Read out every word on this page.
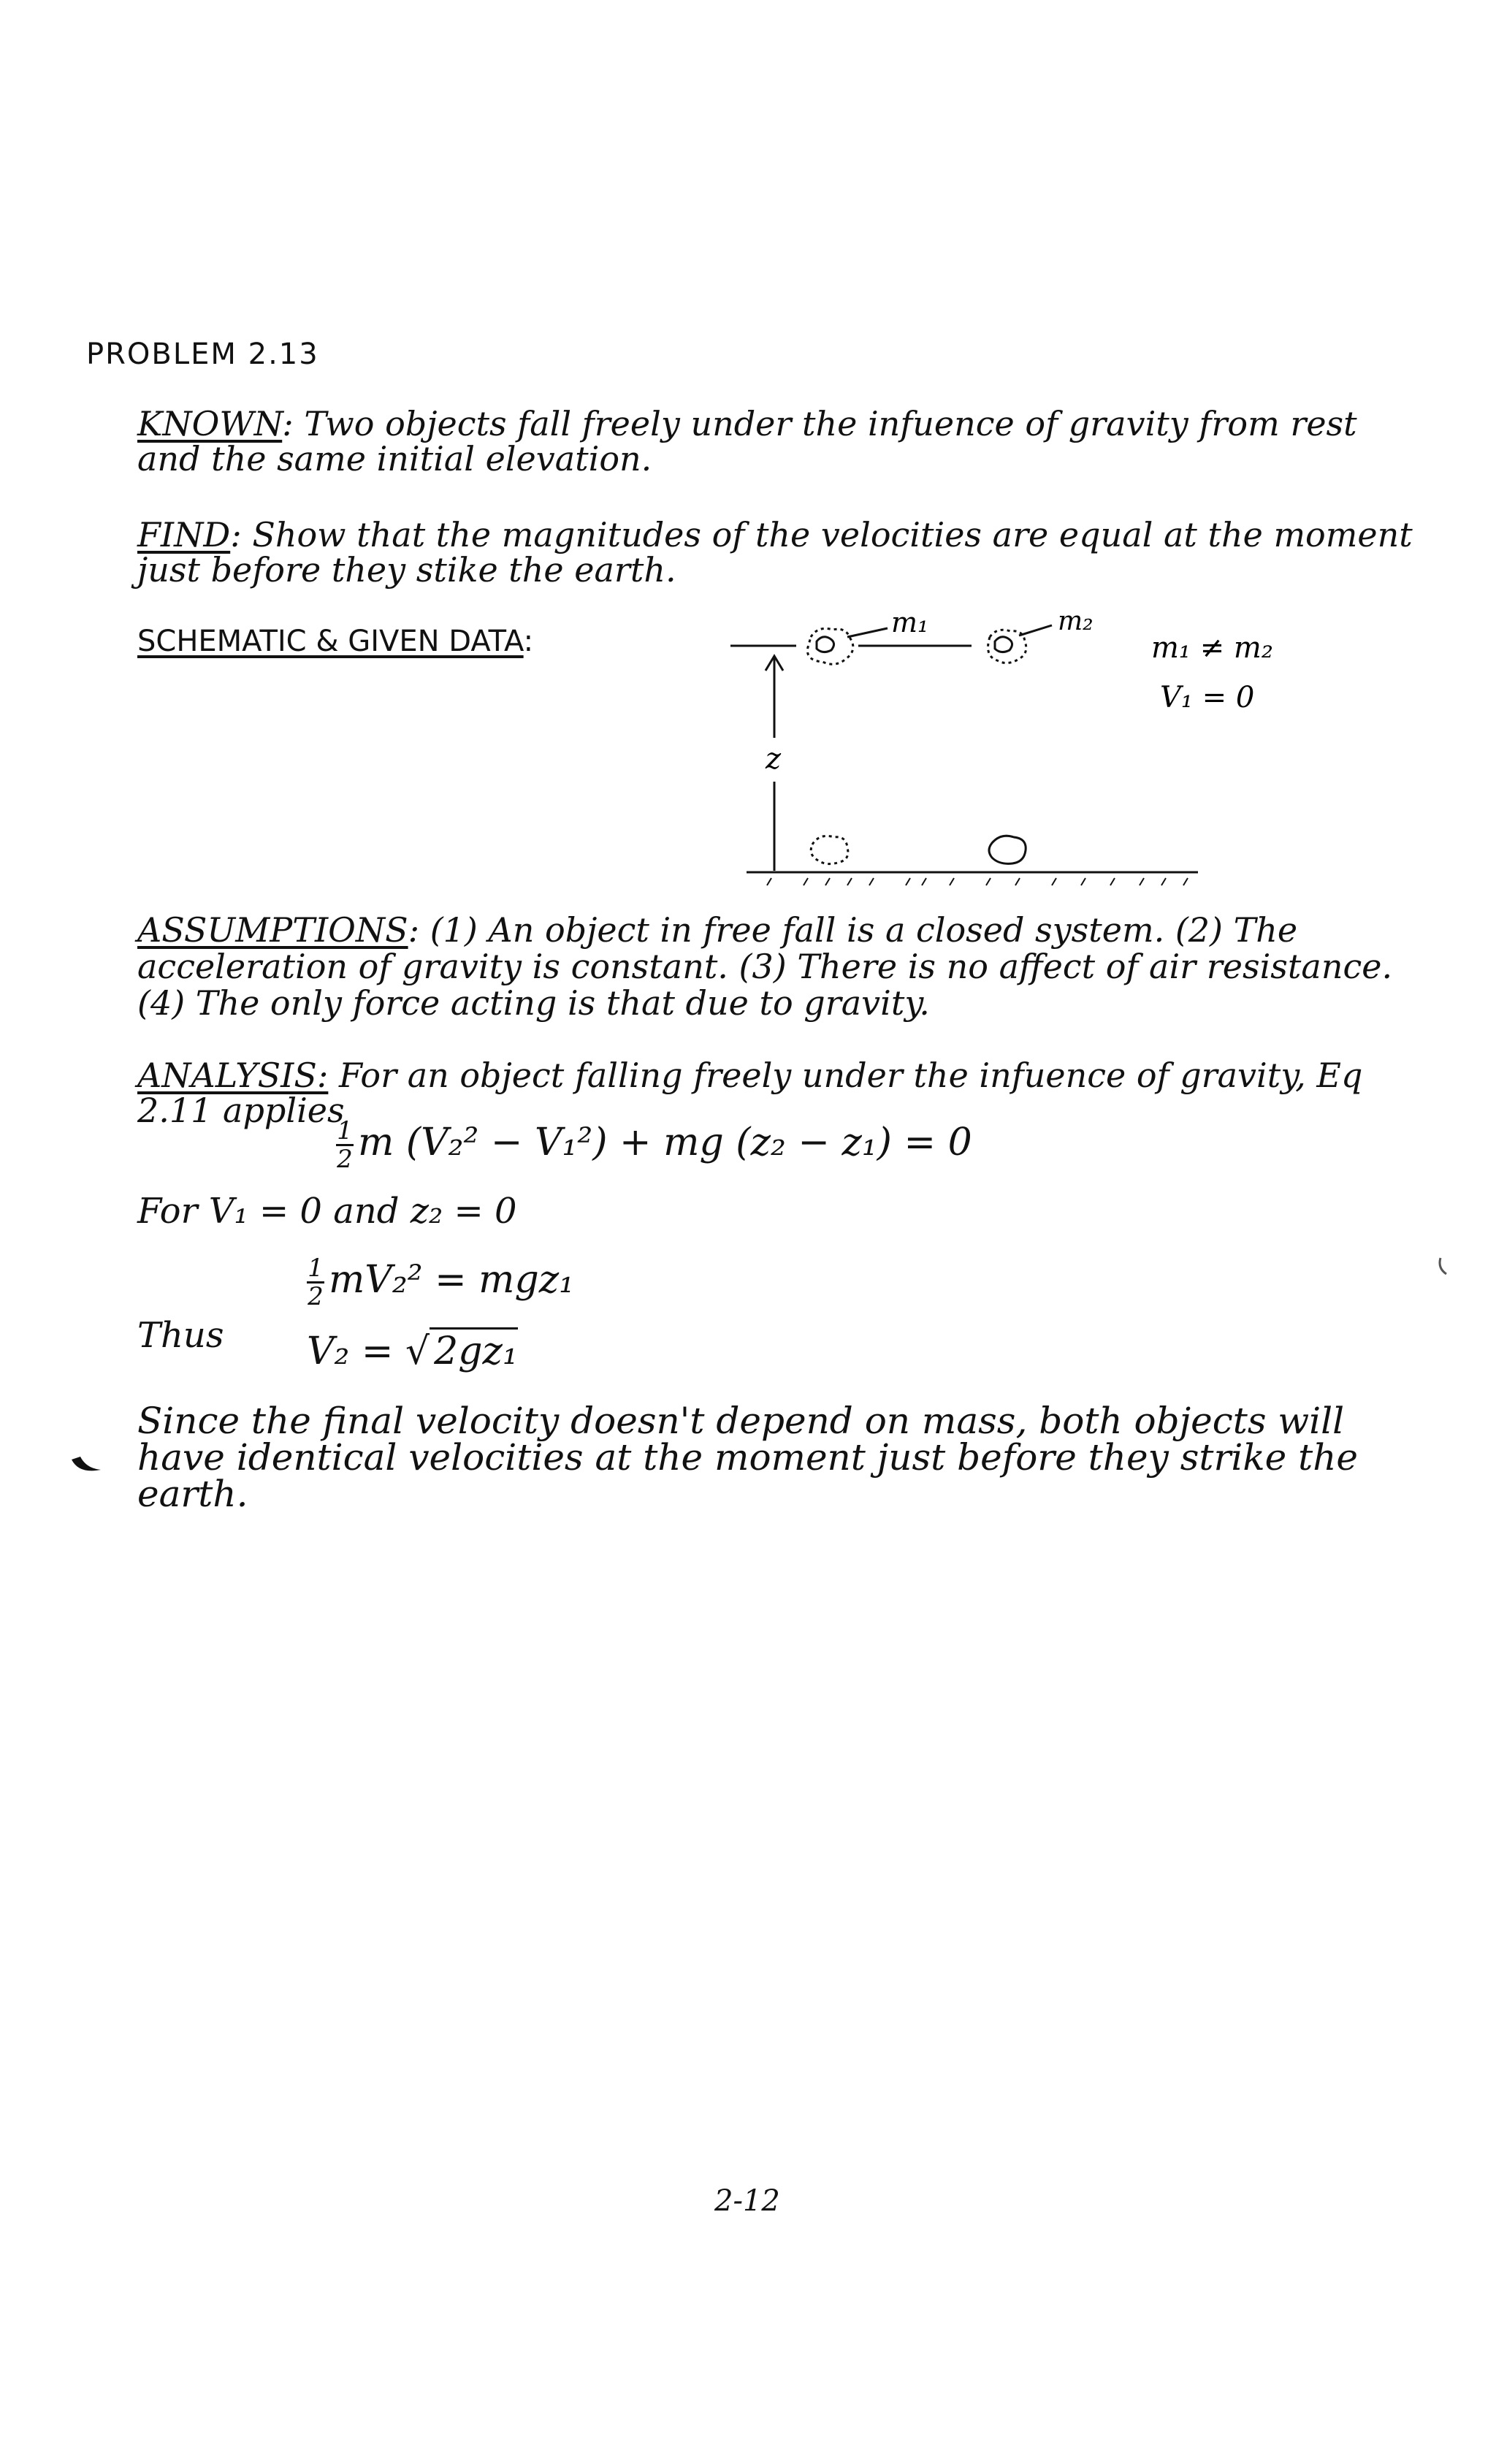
PROBLEM 2.13
KNOWN: Two objects fall freely under the infuence of gravity from rest and the same initial elevation.
FIND: Show that the magnitudes of the velocities are equal at the moment just before they stike the earth.
SCHEMATIC & GIVEN DATA:
m₁	m₂
m₁ ≠ m₂
V₁ = 0
z
ASSUMPTIONS: (1) An object in free fall is a closed system. (2) The acceleration of gravity is constant. (3) There is no affect of air resistance. (4) The only force acting is that due to gravity.
ANALYSIS: For an object falling freely under the infuence of gravity, Eq 2.11 applies
$\frac{1}{2}$ m (V₂² − V₁²) + mg (z₂ − z₁) = 0
For V₁ = 0 and z₂ = 0
$\frac{1}{2} mV_2^2 = mgz_1$
Thus V₂ = √ 2gz₁
Since the final velocity doesn't depend on mass, both objects will have identical velocities at the moment just before they strike the earth.
2-12
